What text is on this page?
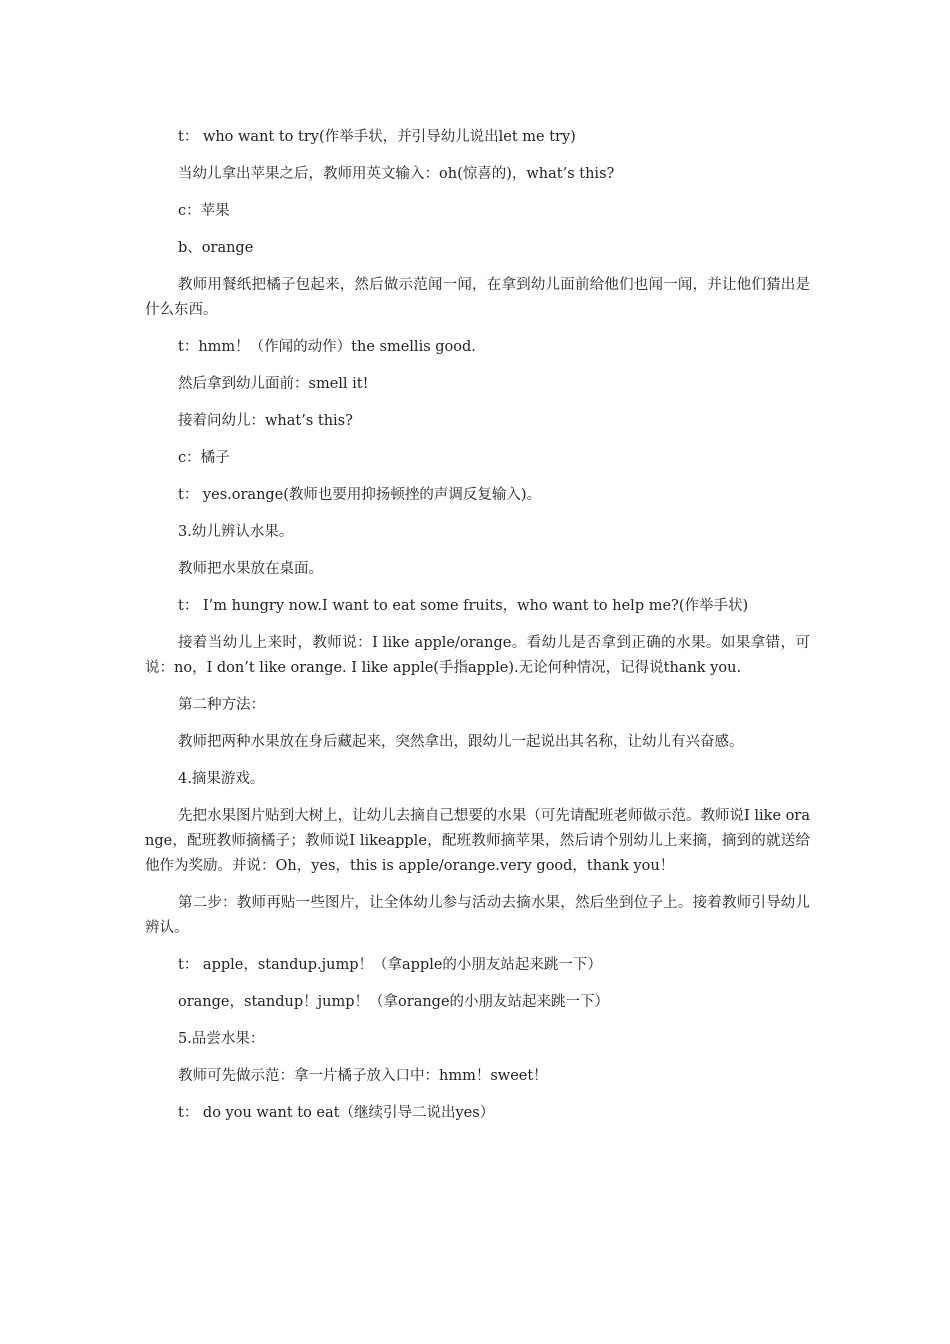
t： who want to try(作举手状，并引导幼儿说出let me try)

当幼儿拿出苹果之后，教师用英文输入：oh(惊喜的)，what’s this?

c：苹果

b、orange

教师用餐纸把橘子包起来，然后做示范闻一闻，在拿到幼儿面前给他们也闻一闻，并让他们猜出是什么东西。

t：hmm！（作闻的动作）the smellis good.

然后拿到幼儿面前：smell it!

接着问幼儿：what’s this?

c：橘子

t： yes.orange(教师也要用抑扬顿挫的声调反复输入)。

3.幼儿辨认水果。

教师把水果放在桌面。

t： I’m hungry now.I want to eat some fruits，who want to help me?(作举手状)

接着当幼儿上来时，教师说：I like apple/orange。看幼儿是否拿到正确的水果。如果拿错，可说：no，I don’t like orange. I like apple(手指apple).无论何种情况，记得说thank you.

第二种方法：

教师把两种水果放在身后藏起来，突然拿出，跟幼儿一起说出其名称，让幼儿有兴奋感。

4.摘果游戏。

先把水果图片贴到大树上，让幼儿去摘自己想要的水果（可先请配班老师做示范。教师说I like orange，配班教师摘橘子；教师说I likeapple，配班教师摘苹果，然后请个别幼儿上来摘，摘到的就送给他作为奖励。并说：Oh，yes，this is apple/orange.very good，thank you！

第二步：教师再贴一些图片，让全体幼儿参与活动去摘水果，然后坐到位子上。接着教师引导幼儿辨认。

t： apple，standup.jump！（拿apple的小朋友站起来跳一下）

orange，standup！jump！（拿orange的小朋友站起来跳一下）

5.品尝水果：

教师可先做示范：拿一片橘子放入口中：hmm！sweet！

t： do you want to eat（继续引导二说出yes）
